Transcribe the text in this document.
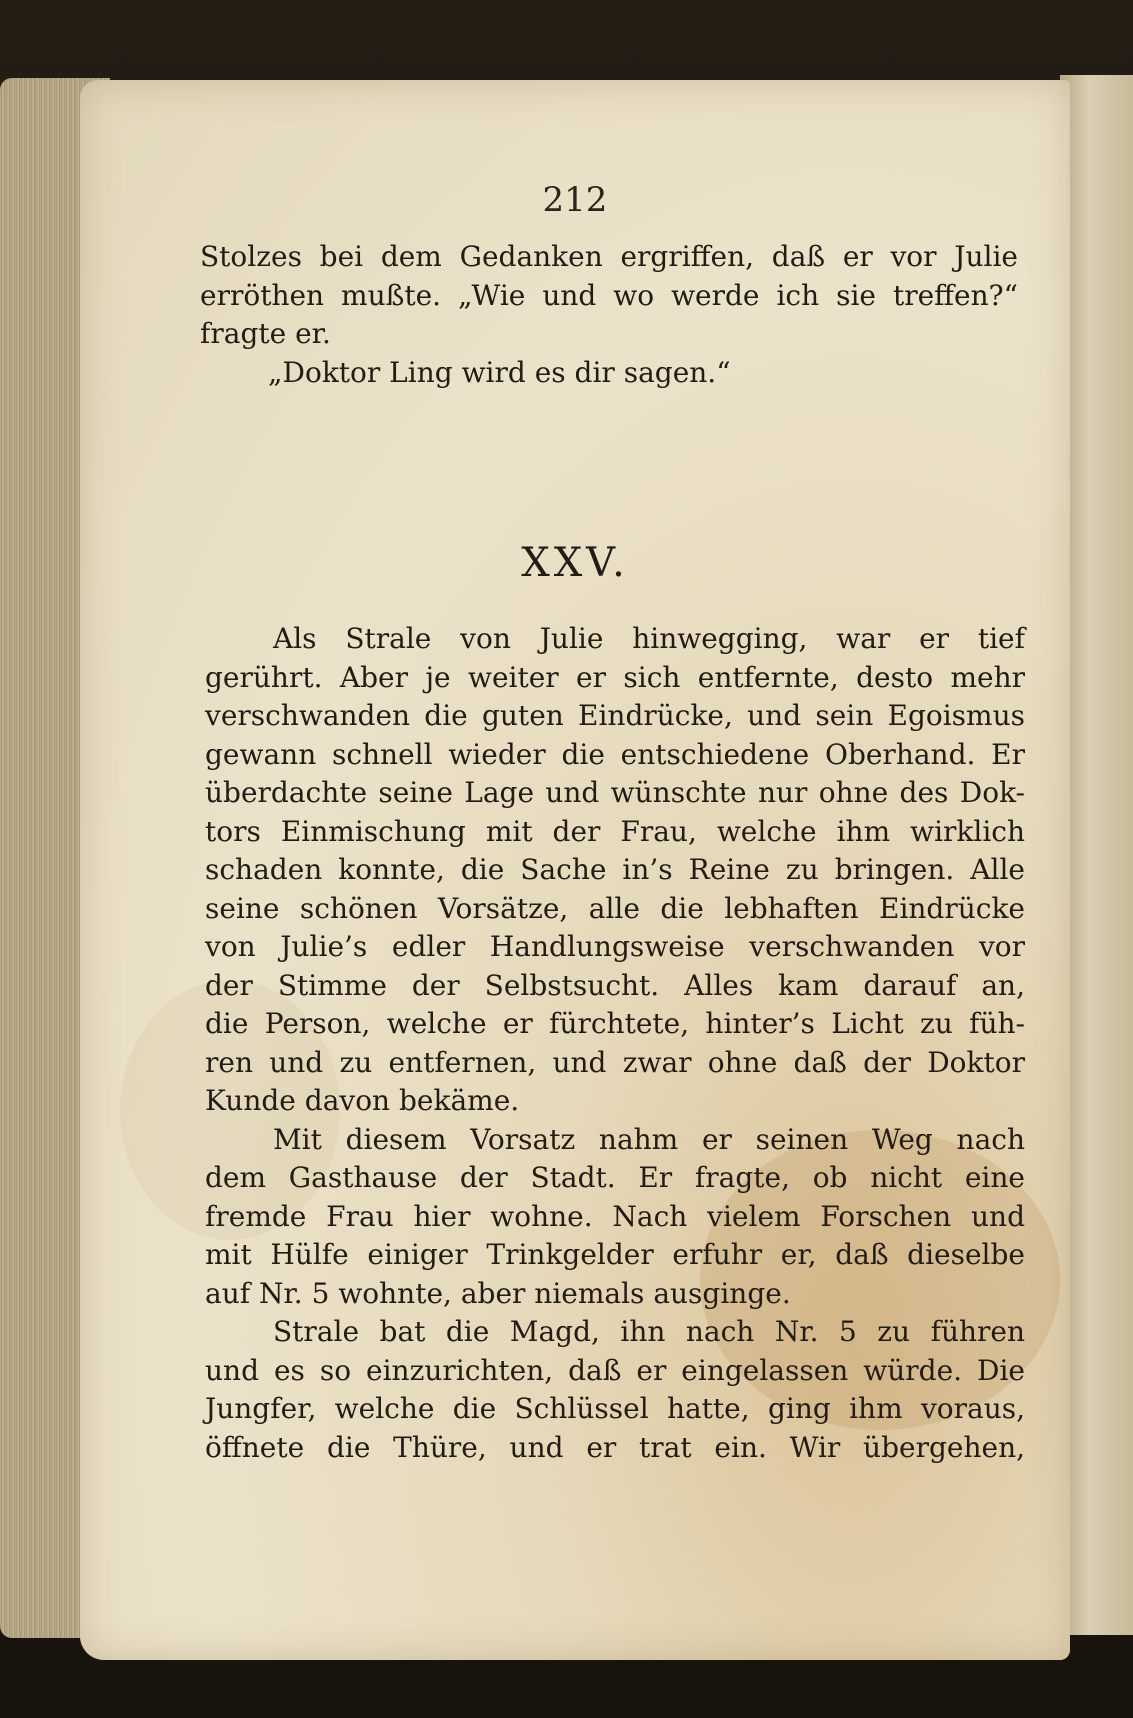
212

Stolzes bei dem Gedanken ergriffen, daß er vor Julie
erröthen mußte. „Wie und wo werde ich sie treffen?“
fragte er.
„Doktor Ling wird es dir sagen.“

XXV.

Als Strale von Julie hinwegging, war er tief
gerührt. Aber je weiter er sich entfernte, desto mehr
verschwanden die guten Eindrücke, und sein Egoismus
gewann schnell wieder die entschiedene Oberhand. Er
überdachte seine Lage und wünschte nur ohne des Dok-
tors Einmischung mit der Frau, welche ihm wirklich
schaden konnte, die Sache in’s Reine zu bringen. Alle
seine schönen Vorsätze, alle die lebhaften Eindrücke
von Julie’s edler Handlungsweise verschwanden vor
der Stimme der Selbstsucht. Alles kam darauf an,
die Person, welche er fürchtete, hinter’s Licht zu füh-
ren und zu entfernen, und zwar ohne daß der Doktor
Kunde davon bekäme.
Mit diesem Vorsatz nahm er seinen Weg nach
dem Gasthause der Stadt. Er fragte, ob nicht eine
fremde Frau hier wohne. Nach vielem Forschen und
mit Hülfe einiger Trinkgelder erfuhr er, daß dieselbe
auf Nr. 5 wohnte, aber niemals ausginge.
Strale bat die Magd, ihn nach Nr. 5 zu führen
und es so einzurichten, daß er eingelassen würde. Die
Jungfer, welche die Schlüssel hatte, ging ihm voraus,
öffnete die Thüre, und er trat ein. Wir übergehen,
